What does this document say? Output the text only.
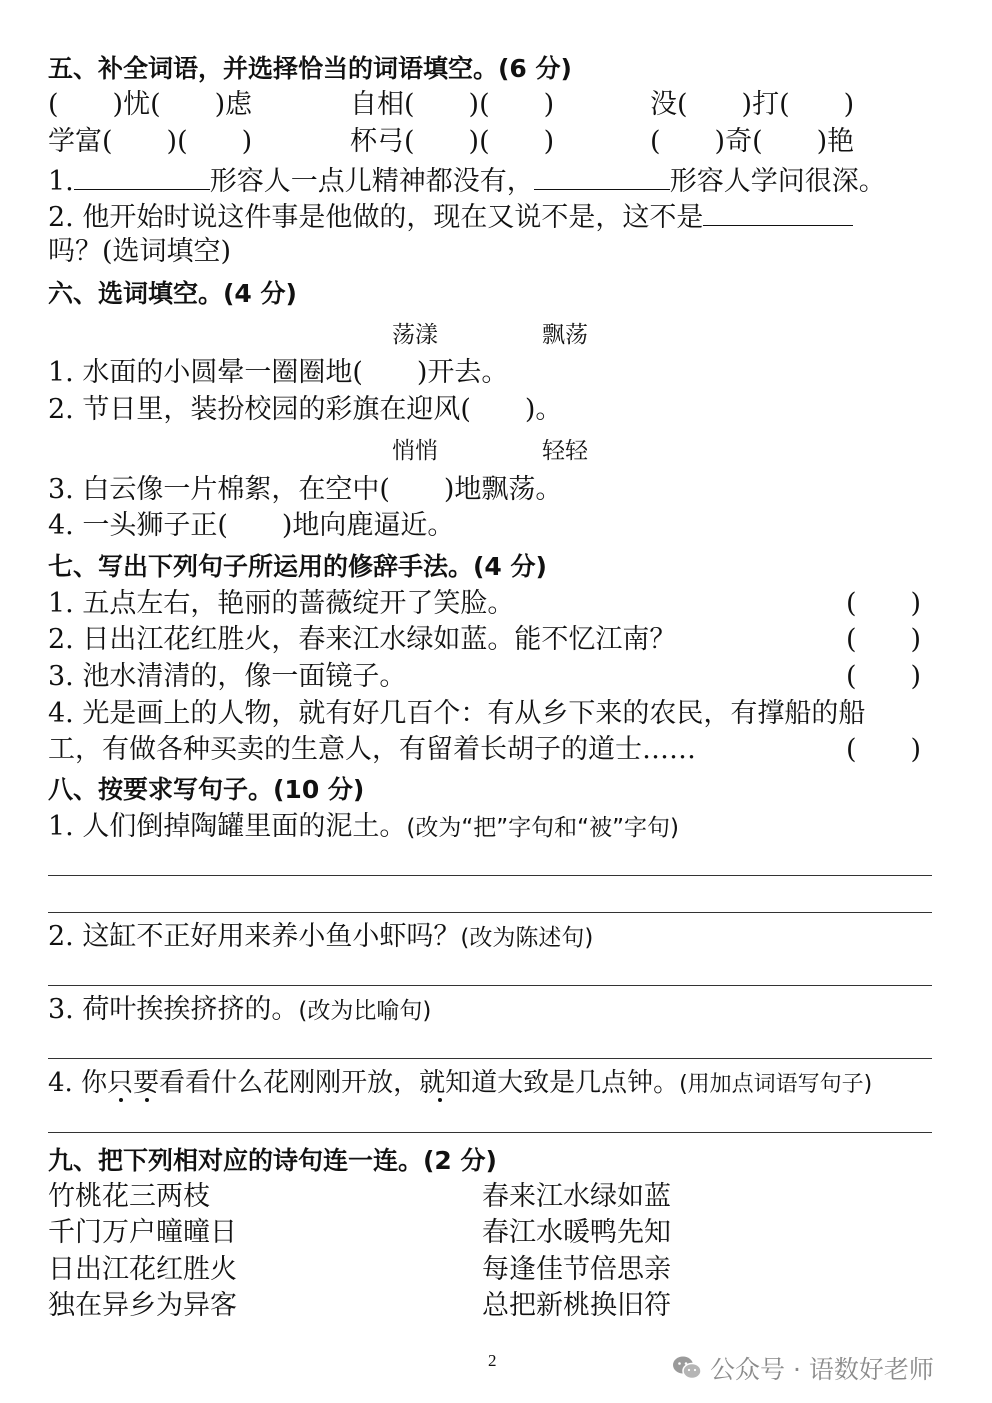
五、补全词语，并选择恰当的词语填空。(6 分)
(　　)忧(　　)虑	自相(　　)(　　)	没(　　)打(　　)
学富(　　)(　　)	杯弓(　　)(　　)	(　　)奇(　　)艳
1.	形容人一点儿精神都没有，	形容人学问很深。
2. 他开始时说这件事是他做的，现在又说不是，这不是
吗？(选词填空)
六、选词填空。(4 分)
荡漾	飘荡
1. 水面的小圆晕一圈圈地(　　)开去。
2. 节日里，装扮校园的彩旗在迎风(　　)。
悄悄	轻轻
3. 白云像一片棉絮，在空中(　　)地飘荡。
4. 一头狮子正(　　)地向鹿逼近。
七、写出下列句子所运用的修辞手法。(4 分)
1. 五点左右，艳丽的蔷薇绽开了笑脸。	(　　)
2. 日出江花红胜火，春来江水绿如蓝。能不忆江南？	(　　)
3. 池水清清的，像一面镜子。	(　　)
4. 光是画上的人物，就有好几百个：有从乡下来的农民，有撑船的船
工，有做各种买卖的生意人，有留着长胡子的道士……	(　　)
八、按要求写句子。(10 分)
1. 人们倒掉陶罐里面的泥土。(改为“把”字句和“被”字句)
2. 这缸不正好用来养小鱼小虾吗？(改为陈述句)
3. 荷叶挨挨挤挤的。(改为比喻句)
4. 你只要看看什么花刚刚开放，就知道大致是几点钟。(用加点词语写句子)
九、把下列相对应的诗句连一连。(2 分)
竹桃花三两枝	春来江水绿如蓝
千门万户曈曈日	春江水暖鸭先知
日出江花红胜火	每逢佳节倍思亲
独在异乡为异客	总把新桃换旧符
2	公众号 · 语数好老师
